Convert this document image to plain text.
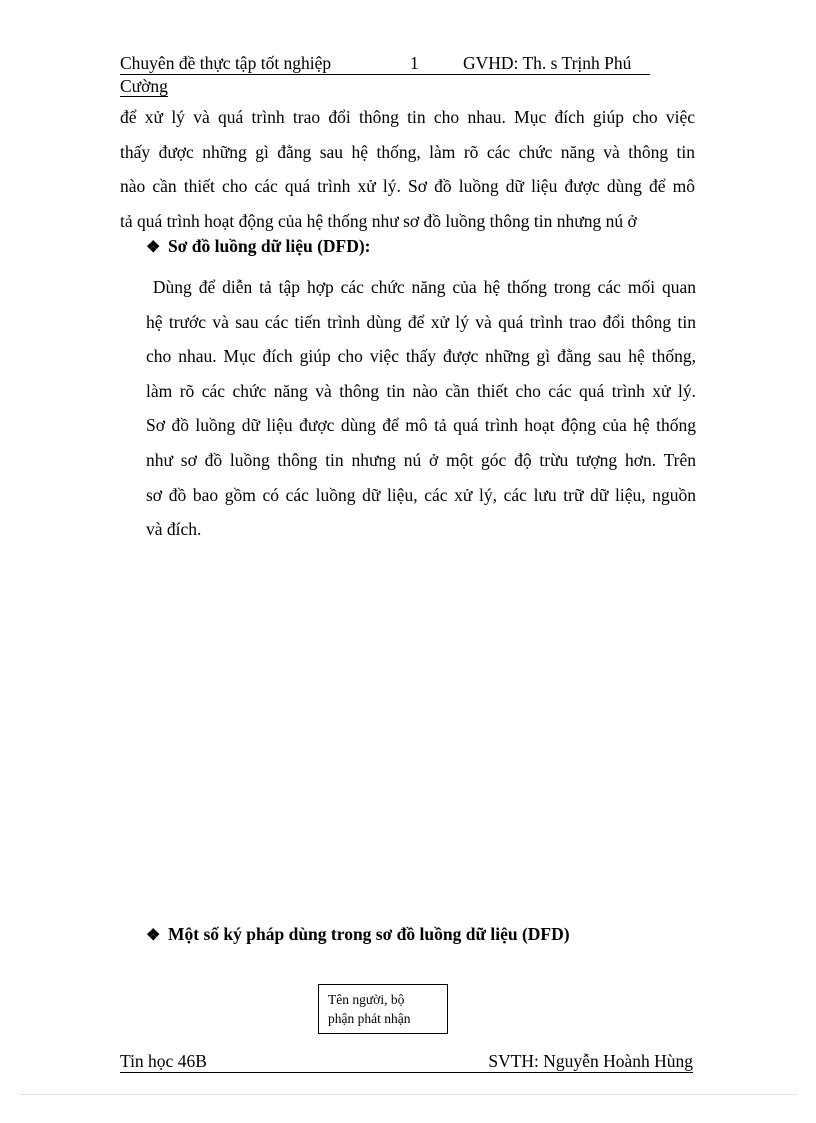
Chuyên đề thực tập tốt nghiệp	1	GVHD: Th. s Trịnh Phú
Cường
để xử lý và quá trình trao đổi thông tin cho nhau. Mục đích giúp cho việc
thấy được những gì đằng sau hệ thống, làm rõ các chức năng và thông tin
nào cần thiết cho các quá trình xử lý. Sơ đồ luồng dữ liệu được dùng để mô
tả quá trình hoạt động của hệ thống như sơ đồ luồng thông tin nhưng nú ở
❖ Sơ đồ luồng dữ liệu (DFD):
Dùng để diễn tả tập hợp các chức năng của hệ thống trong các mối quan
hệ trước và sau các tiến trình dùng để xử lý và quá trình trao đổi thông tin
cho nhau. Mục đích giúp cho việc thấy được những gì đằng sau hệ thống,
làm rõ các chức năng và thông tin nào cần thiết cho các quá trình xử lý.
Sơ đồ luồng dữ liệu được dùng để mô tả quá trình hoạt động của hệ thống
như sơ đồ luồng thông tin nhưng nú ở một góc độ trừu tượng hơn. Trên
sơ đồ bao gồm có các luồng dữ liệu, các xử lý, các lưu trữ dữ liệu, nguồn
và đích.
❖ Một số ký pháp dùng trong sơ đồ luồng dữ liệu (DFD)
Tên người, bộ
phận phát nhận
Tin học 46B	SVTH: Nguyễn Hoành Hùng
